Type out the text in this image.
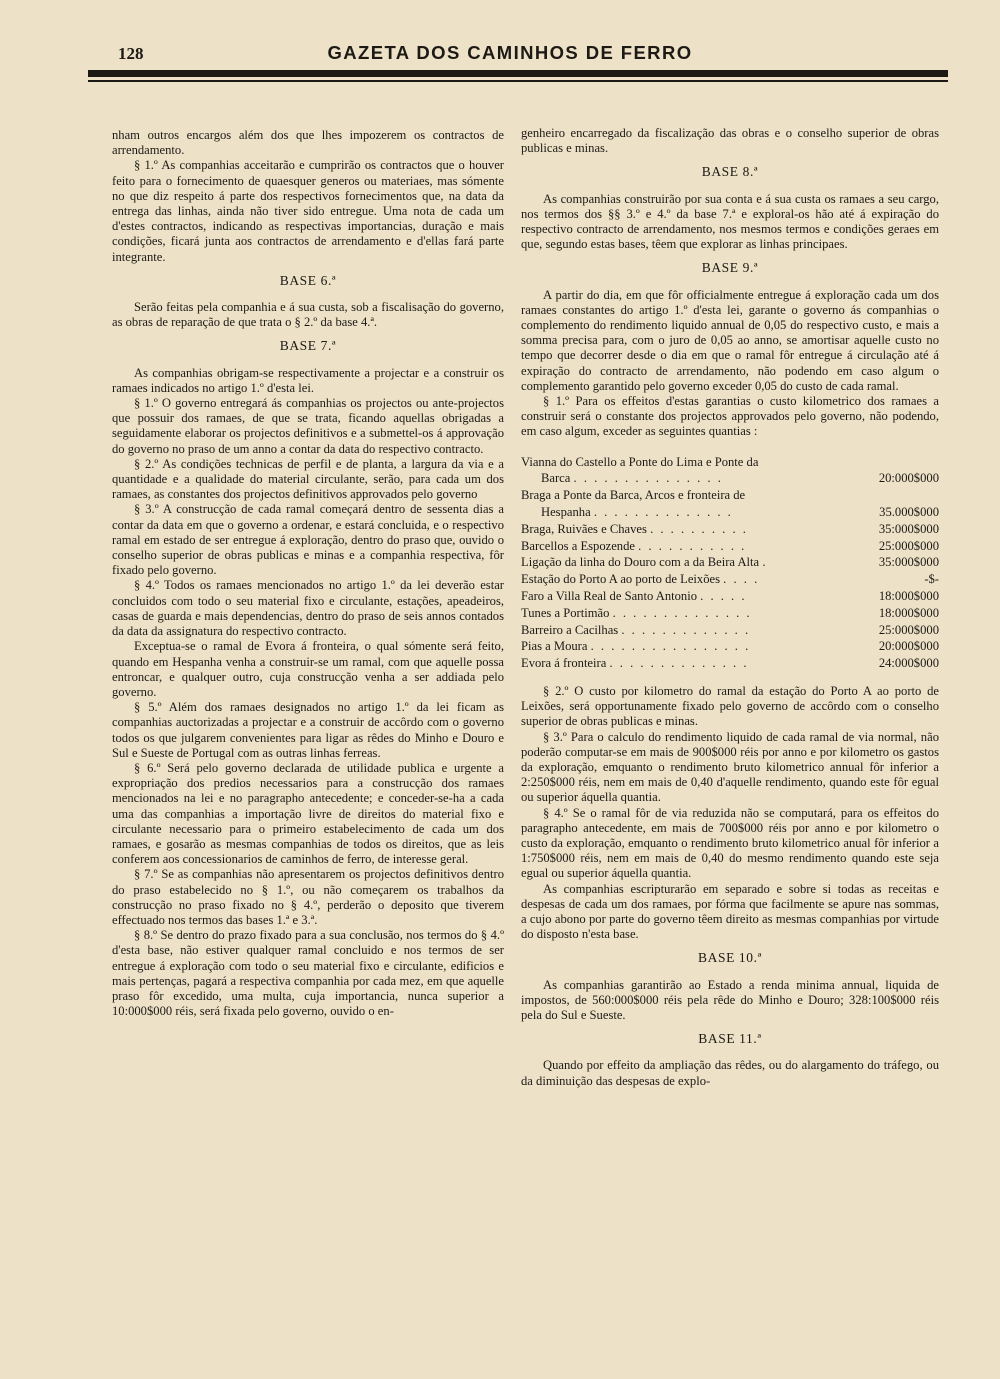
128	GAZETA DOS CAMINHOS DE FERRO

nham outros encargos além dos que lhes impozerem os contractos de arrendamento.

§ 1.º As companhias acceitarão e cumprirão os contractos que o houver feito para o fornecimento de quaesquer generos ou materiaes, mas sómente no que diz respeito á parte dos respectivos fornecimentos que, na data da entrega das linhas, ainda não tiver sido entregue. Uma nota de cada um d'estes contractos, indicando as respectivas importancias, duração e mais condições, ficará junta aos contractos de arrendamento e d'ellas fará parte integrante.

BASE 6.ª

Serão feitas pela companhia e á sua custa, sob a fiscalisação do governo, as obras de reparação de que trata o § 2.º da base 4.ª.

BASE 7.ª

As companhias obrigam-se respectivamente a projectar e a construir os ramaes indicados no artigo 1.º d'esta lei.

§ 1.º O governo entregará ás companhias os projectos ou ante-projectos que possuir dos ramaes, de que se trata, ficando aquellas obrigadas a seguidamente elaborar os projectos definitivos e a submettel-os á approvação do governo no praso de um anno a contar da data do respectivo contracto.

§ 2.º As condições technicas de perfil e de planta, a largura da via e a quantidade e a qualidade do material circulante, serão, para cada um dos ramaes, as constantes dos projectos definitivos approvados pelo governo

§ 3.º A construcção de cada ramal começará dentro de sessenta dias a contar da data em que o governo a ordenar, e estará concluida, e o respectivo ramal em estado de ser entregue á exploração, dentro do praso que, ouvido o conselho superior de obras publicas e minas e a companhia respectiva, fôr fixado pelo governo.

§ 4.º Todos os ramaes mencionados no artigo 1.º da lei deverão estar concluidos com todo o seu material fixo e circulante, estações, apeadeiros, casas de guarda e mais dependencias, dentro do praso de seis annos contados da data da assignatura do respectivo contracto.

Exceptua-se o ramal de Evora á fronteira, o qual sómente será feito, quando em Hespanha venha a construir-se um ramal, com que aquelle possa entroncar, e qualquer outro, cuja construcção venha a ser addiada pelo governo.

§ 5.º Além dos ramaes designados no artigo 1.º da lei ficam as companhias auctorizadas a projectar e a construir de accôrdo com o governo todos os que julgarem convenientes para ligar as rêdes do Minho e Douro e Sul e Sueste de Portugal com as outras linhas ferreas.

§ 6.º Será pelo governo declarada de utilidade publica e urgente a expropriação dos predios necessarios para a construcção dos ramaes mencionados na lei e no paragrapho antecedente; e conceder-se-ha a cada uma das companhias a importação livre de direitos do material fixo e circulante necessario para o primeiro estabelecimento de cada um dos ramaes, e gosarão as mesmas companhias de todos os direitos, que as leis conferem aos concessionarios de caminhos de ferro, de interesse geral.

§ 7.º Se as companhias não apresentarem os projectos definitivos dentro do praso estabelecido no § 1.º, ou não começarem os trabalhos da construcção no praso fixado no § 4.º, perderão o deposito que tiverem effectuado nos termos das bases 1.ª e 3.ª.

§ 8.º Se dentro do prazo fixado para a sua conclusão, nos termos do § 4.º d'esta base, não estiver qualquer ramal concluido e nos termos de ser entregue á exploração com todo o seu material fixo e circulante, edificios e mais pertenças, pagará a respectiva companhia por cada mez, em que aquelle praso fôr excedido, uma multa, cuja importancia, nunca superior a 10:000$000 réis, será fixada pelo governo, ouvido o en-

genheiro encarregado da fiscalização das obras e o conselho superior de obras publicas e minas.

BASE 8.ª

As companhias construirão por sua conta e á sua custa os ramaes a seu cargo, nos termos dos §§ 3.º e 4.º da base 7.ª e exploral-os hão até á expiração do respectivo contracto de arrendamento, nos mesmos termos e condições geraes em que, segundo estas bases, têem que explorar as linhas principaes.

BASE 9.ª

A partir do dia, em que fôr officialmente entregue á exploração cada um dos ramaes constantes do artigo 1.º d'esta lei, garante o governo ás companhias o complemento do rendimento liquido annual de 0,05 do respectivo custo, e mais a somma precisa para, com o juro de 0,05 ao anno, se amortisar aquelle custo no tempo que decorrer desde o dia em que o ramal fôr entregue á circulação até á expiração do contracto de arrendamento, não podendo em caso algum o complemento garantido pelo governo exceder 0,05 do custo de cada ramal.

§ 1.º Para os effeitos d'estas garantias o custo kilometrico dos ramaes a construir será o constante dos projectos approvados pelo governo, não podendo, em caso algum, exceder as seguintes quantias :

Vianna do Castello a Ponte do Lima e Ponte da
Barca . . . . . . . . . . . . . . .	20:000$000
Braga a Ponte da Barca, Arcos e fronteira de
Hespanha . . . . . . . . . . . . . .	35.000$000
Braga, Ruivães e Chaves . . . . . . . . . .	35:000$000
Barcellos a Espozende . . . . . . . . . . .	25:000$000
Ligação da linha do Douro com a da Beira Alta .	35:000$000
Estação do Porto A ao porto de Leixões . . . .	-$-
Faro a Villa Real de Santo Antonio . . . . .	18:000$000
Tunes a Portimão . . . . . . . . . . . . . .	18:000$000
Barreiro a Cacilhas . . . . . . . . . . . . .	25:000$000
Pias a Moura . . . . . . . . . . . . . . . .	20:000$000
Evora á fronteira . . . . . . . . . . . . . .	24:000$000

§ 2.º O custo por kilometro do ramal da estação do Porto A ao porto de Leixões, será opportunamente fixado pelo governo de accôrdo com o conselho superior de obras publicas e minas.

§ 3.º Para o calculo do rendimento liquido de cada ramal de via normal, não poderão computar-se em mais de 900$000 réis por anno e por kilometro os gastos da exploração, emquanto o rendimento bruto kilometrico annual fôr inferior a 2:250$000 réis, nem em mais de 0,40 d'aquelle rendimento, quando este fôr egual ou superior áquella quantia.

§ 4.º Se o ramal fôr de via reduzida não se computará, para os effeitos do paragrapho antecedente, em mais de 700$000 réis por anno e por kilometro o custo da exploração, emquanto o rendimento bruto kilometrico anual fôr inferior a 1:750$000 réis, nem em mais de 0,40 do mesmo rendimento quando este seja egual ou superior áquella quantia.

As companhias escripturarão em separado e sobre si todas as receitas e despesas de cada um dos ramaes, por fórma que facilmente se apure nas sommas, a cujo abono por parte do governo têem direito as mesmas companhias por virtude do disposto n'esta base.

BASE 10.ª

As companhias garantirão ao Estado a renda minima annual, liquida de impostos, de 560:000$000 réis pela rêde do Minho e Douro; 328:100$000 réis pela do Sul e Sueste.

BASE 11.ª

Quando por effeito da ampliação das rêdes, ou do alargamento do tráfego, ou da diminuição das despesas de explo-
